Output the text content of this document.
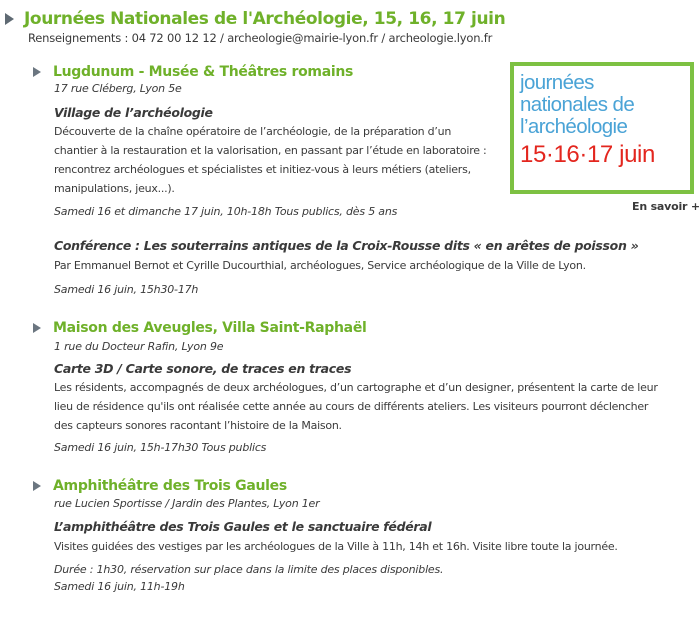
Journées Nationales de l'Archéologie, 15, 16, 17 juin
Renseignements : 04 72 00 12 12 / archeologie@mairie-lyon.fr / archeologie.lyon.fr
journées
nationales de
l’archéologie
15·16·17 juin
En savoir +
Lugdunum - Musée & Théâtres romains
17 rue Cléberg, Lyon 5e
Village de l’archéologie
Découverte de la chaîne opératoire de l’archéologie, de la préparation d’un
chantier à la restauration et la valorisation, en passant par l’étude en laboratoire :
rencontrez archéologues et spécialistes et initiez-vous à leurs métiers (ateliers,
manipulations, jeux...).
Samedi 16 et dimanche 17 juin, 10h-18h Tous publics, dès 5 ans
Conférence : Les souterrains antiques de la Croix-Rousse dits « en arêtes de poisson »
Par Emmanuel Bernot et Cyrille Ducourthial, archéologues, Service archéologique de la Ville de Lyon.
Samedi 16 juin, 15h30-17h
Maison des Aveugles, Villa Saint-Raphaël
1 rue du Docteur Rafin, Lyon 9e
Carte 3D / Carte sonore, de traces en traces
Les résidents, accompagnés de deux archéologues, d’un cartographe et d’un designer, présentent la carte de leur
lieu de résidence qu'ils ont réalisée cette année au cours de différents ateliers. Les visiteurs pourront déclencher
des capteurs sonores racontant l’histoire de la Maison.
Samedi 16 juin, 15h-17h30 Tous publics
Amphithéâtre des Trois Gaules
rue Lucien Sportisse / Jardin des Plantes, Lyon 1er
L’amphithéâtre des Trois Gaules et le sanctuaire fédéral
Visites guidées des vestiges par les archéologues de la Ville à 11h, 14h et 16h. Visite libre toute la journée.
Durée : 1h30, réservation sur place dans la limite des places disponibles.
Samedi 16 juin, 11h-19h
